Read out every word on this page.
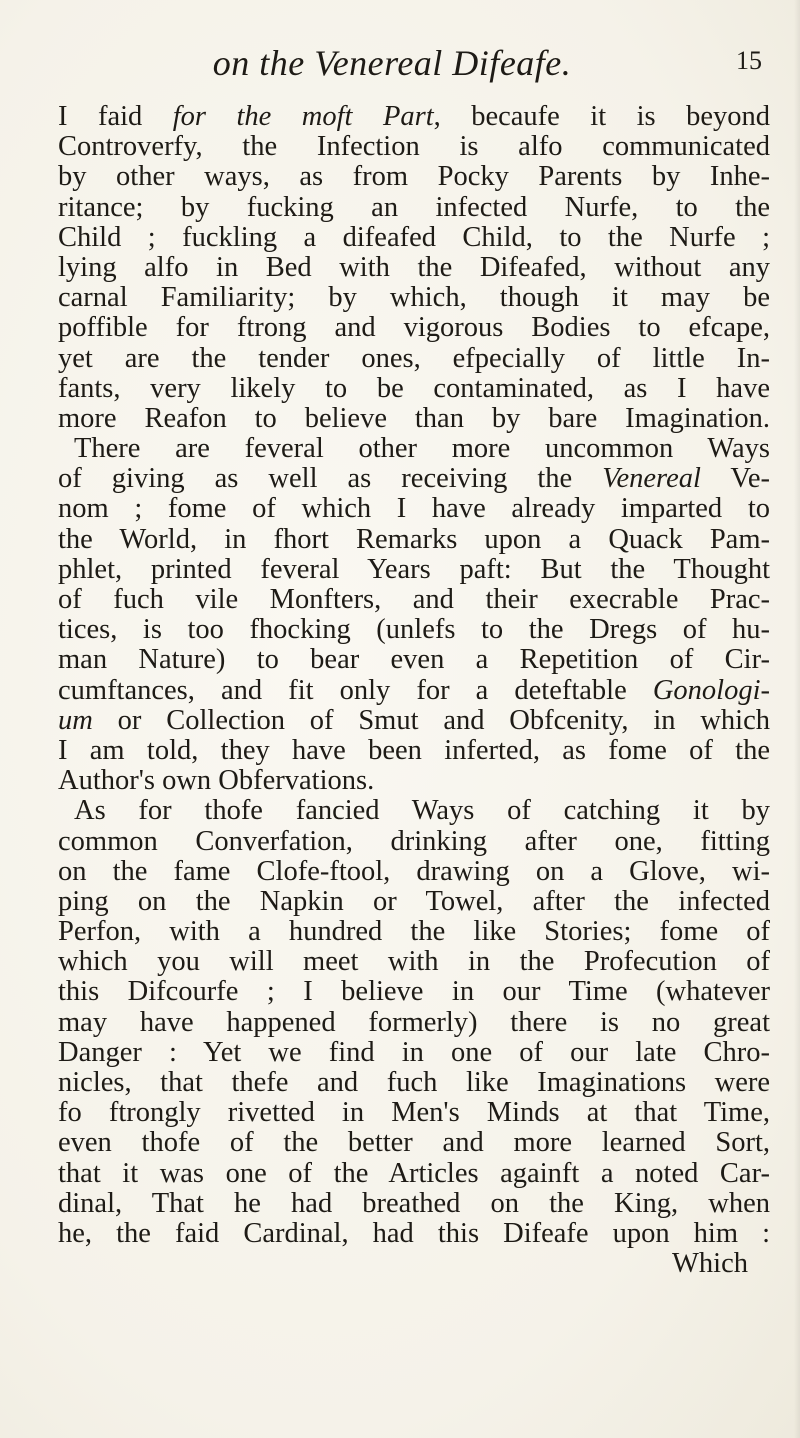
on the Venereal Difeafe.	15
I faid for the moft Part, becaufe it is beyond
Controverfy, the Infection is alfo communicated
by other ways, as from Pocky Parents by Inhe-
ritance; by fucking an infected Nurfe, to the
Child ; fuckling a difeafed Child, to the Nurfe ;
lying alfo in Bed with the Difeafed, without any
carnal Familiarity; by which, though it may be
poffible for ftrong and vigorous Bodies to efcape,
yet are the tender ones, efpecially of little In-
fants, very likely to be contaminated, as I have
more Reafon to believe than by bare Imagination.
There are feveral other more uncommon Ways
of giving as well as receiving the Venereal Ve-
nom ; fome of which I have already imparted to
the World, in fhort Remarks upon a Quack Pam-
phlet, printed feveral Years paft: But the Thought
of fuch vile Monfters, and their execrable Prac-
tices, is too fhocking (unlefs to the Dregs of hu-
man Nature) to bear even a Repetition of Cir-
cumftances, and fit only for a deteftable Gonologi-
um or Collection of Smut and Obfcenity, in which
I am told, they have been inferted, as fome of the
Author's own Obfervations.
As for thofe fancied Ways of catching it by
common Converfation, drinking after one, fitting
on the fame Clofe-ftool, drawing on a Glove, wi-
ping on the Napkin or Towel, after the infected
Perfon, with a hundred the like Stories; fome of
which you will meet with in the Profecution of
this Difcourfe ; I believe in our Time (whatever
may have happened formerly) there is no great
Danger : Yet we find in one of our late Chro-
nicles, that thefe and fuch like Imaginations were
fo ftrongly rivetted in Men's Minds at that Time,
even thofe of the better and more learned Sort,
that it was one of the Articles againft a noted Car-
dinal, That he had breathed on the King, when
he, the faid Cardinal, had this Difeafe upon him :
Which
